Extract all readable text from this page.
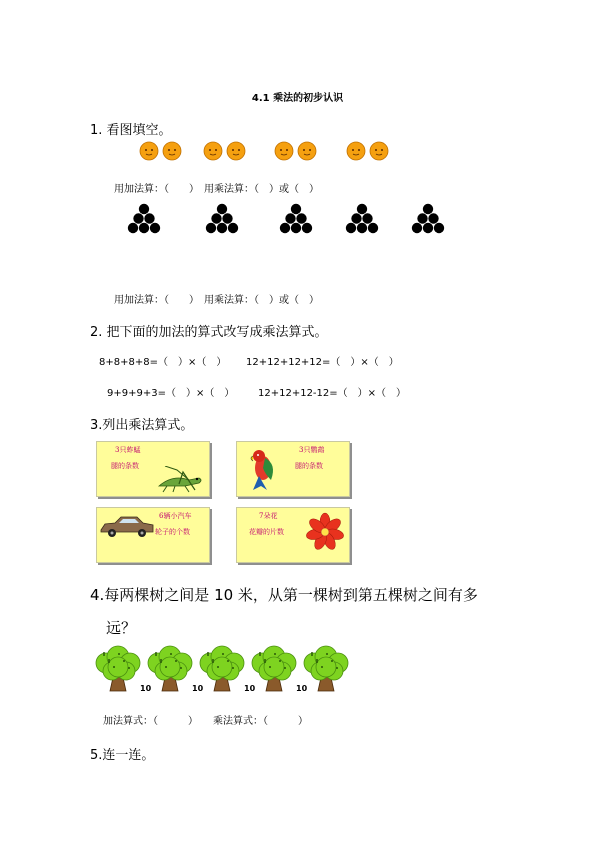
4.1 乘法的初步认识
1. 看图填空。
用加法算：（　　）　用乘法算：（　）或（　）
用加法算：（　　）　用乘法算：（　）或（　）
2. 把下面的加法的算式改写成乘法算式。
8+8+8+8=（　）×（　） 12+12+12+12=（　）×（　）
9+9+9+3=（　）×（　） 12+12+12-12=（　）×（　）
3.列出乘法算式。
3只蚱蜢
腿的条数
3只鹦鹉
腿的条数
6辆小汽车
轮子的个数
7朵花
花瓣的片数
4.每两棵树之间是 10 米，从第一棵树到第五棵树之间有多
远？
10	10	10	10
加法算式：（　　　）　　乘法算式：（　　　）
5.连一连。
